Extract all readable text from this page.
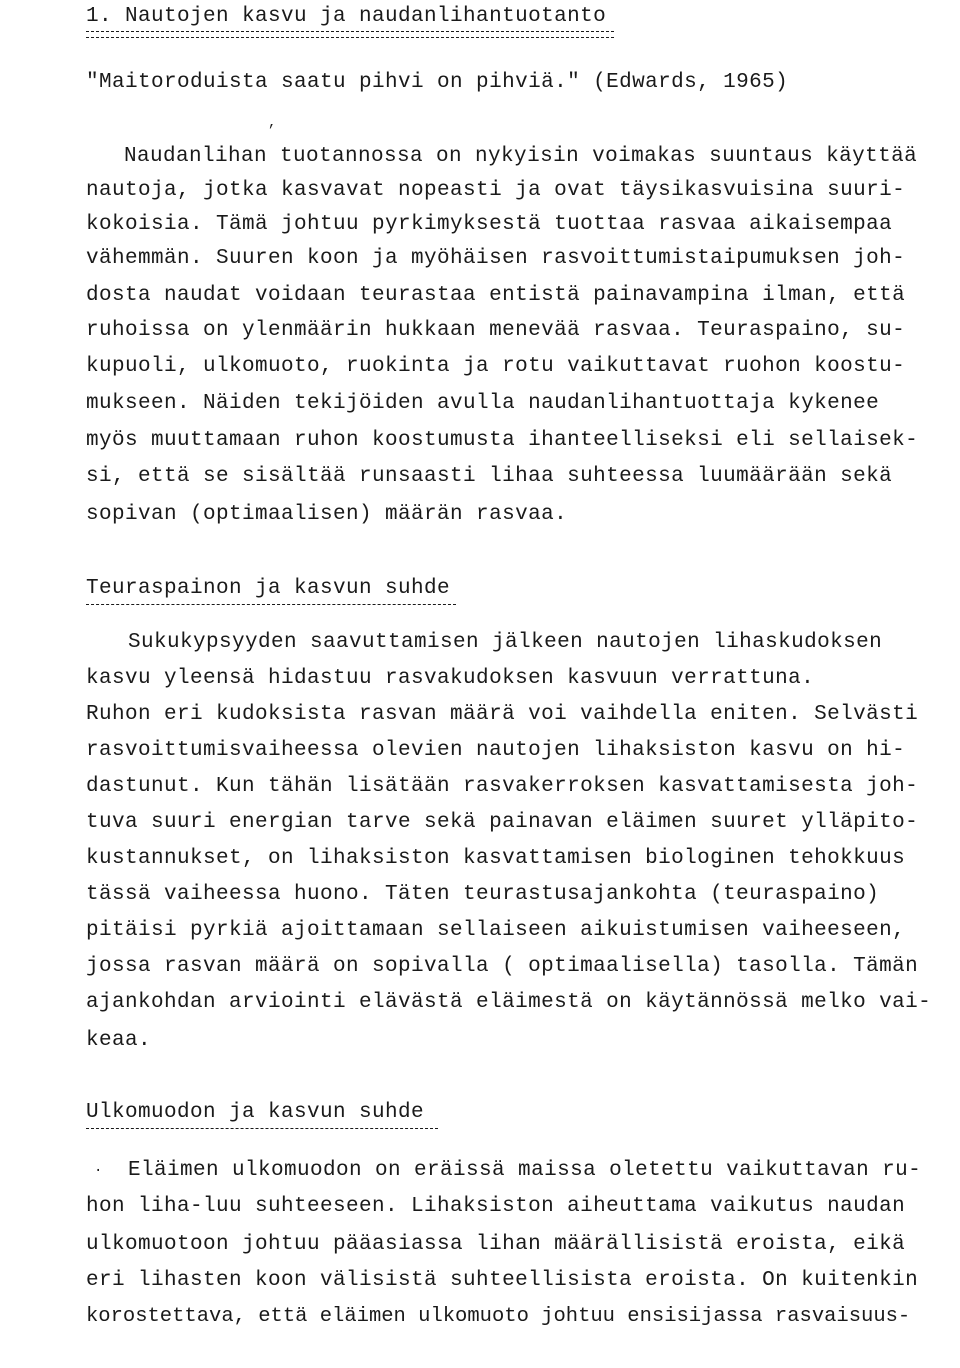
1. Nautojen kasvu ja naudanlihantuotanto
"Maitoroduista saatu pihvi on pihviä." (Edwards, 1965)
,
Naudanlihan tuotannossa on nykyisin voimakas suuntaus käyttää
nautoja, jotka kasvavat nopeasti ja ovat täysikasvuisina suuri-
kokoisia. Tämä johtuu pyrkimyksestä tuottaa rasvaa aikaisempaa
vähemmän. Suuren koon ja myöhäisen rasvoittumistaipumuksen joh-
dosta naudat voidaan teurastaa entistä painavampina ilman, että
ruhoissa on ylenmäärin hukkaan menevää rasvaa. Teuraspaino, su-
kupuoli, ulkomuoto, ruokinta ja rotu vaikuttavat ruohon koostu-
mukseen. Näiden tekijöiden avulla naudanlihantuottaja kykenee
myös muuttamaan ruhon koostumusta ihanteelliseksi eli sellaisek-
si, että se sisältää runsaasti lihaa suhteessa luumäärään sekä
sopivan (optimaalisen) määrän rasvaa.
Teuraspainon ja kasvun suhde
Sukukypsyyden saavuttamisen jälkeen nautojen lihaskudoksen
kasvu yleensä hidastuu rasvakudoksen kasvuun verrattuna.
Ruhon eri kudoksista rasvan määrä voi vaihdella eniten. Selvästi
rasvoittumisvaiheessa olevien nautojen lihaksiston kasvu on hi-
dastunut. Kun tähän lisätään rasvakerroksen kasvattamisesta joh-
tuva suuri energian tarve sekä painavan eläimen suuret ylläpito-
kustannukset, on lihaksiston kasvattamisen biologinen tehokkuus
tässä vaiheessa huono. Täten teurastusajankohta (teuraspaino)
pitäisi pyrkiä ajoittamaan sellaiseen aikuistumisen vaiheeseen,
jossa rasvan määrä on sopivalla ( optimaalisella) tasolla. Tämän
ajankohdan arviointi elävästä eläimestä on käytännössä melko vai-
keaa.
Ulkomuodon ja kasvun suhde
· Eläimen ulkomuodon on eräissä maissa oletettu vaikuttavan ru-
hon liha-luu suhteeseen. Lihaksiston aiheuttama vaikutus naudan
ulkomuotoon johtuu pääasiassa lihan määrällisistä eroista, eikä
eri lihasten koon välisistä suhteellisista eroista. On kuitenkin
korostettava, että eläimen ulkomuoto johtuu ensisijassa rasvaisuus-
